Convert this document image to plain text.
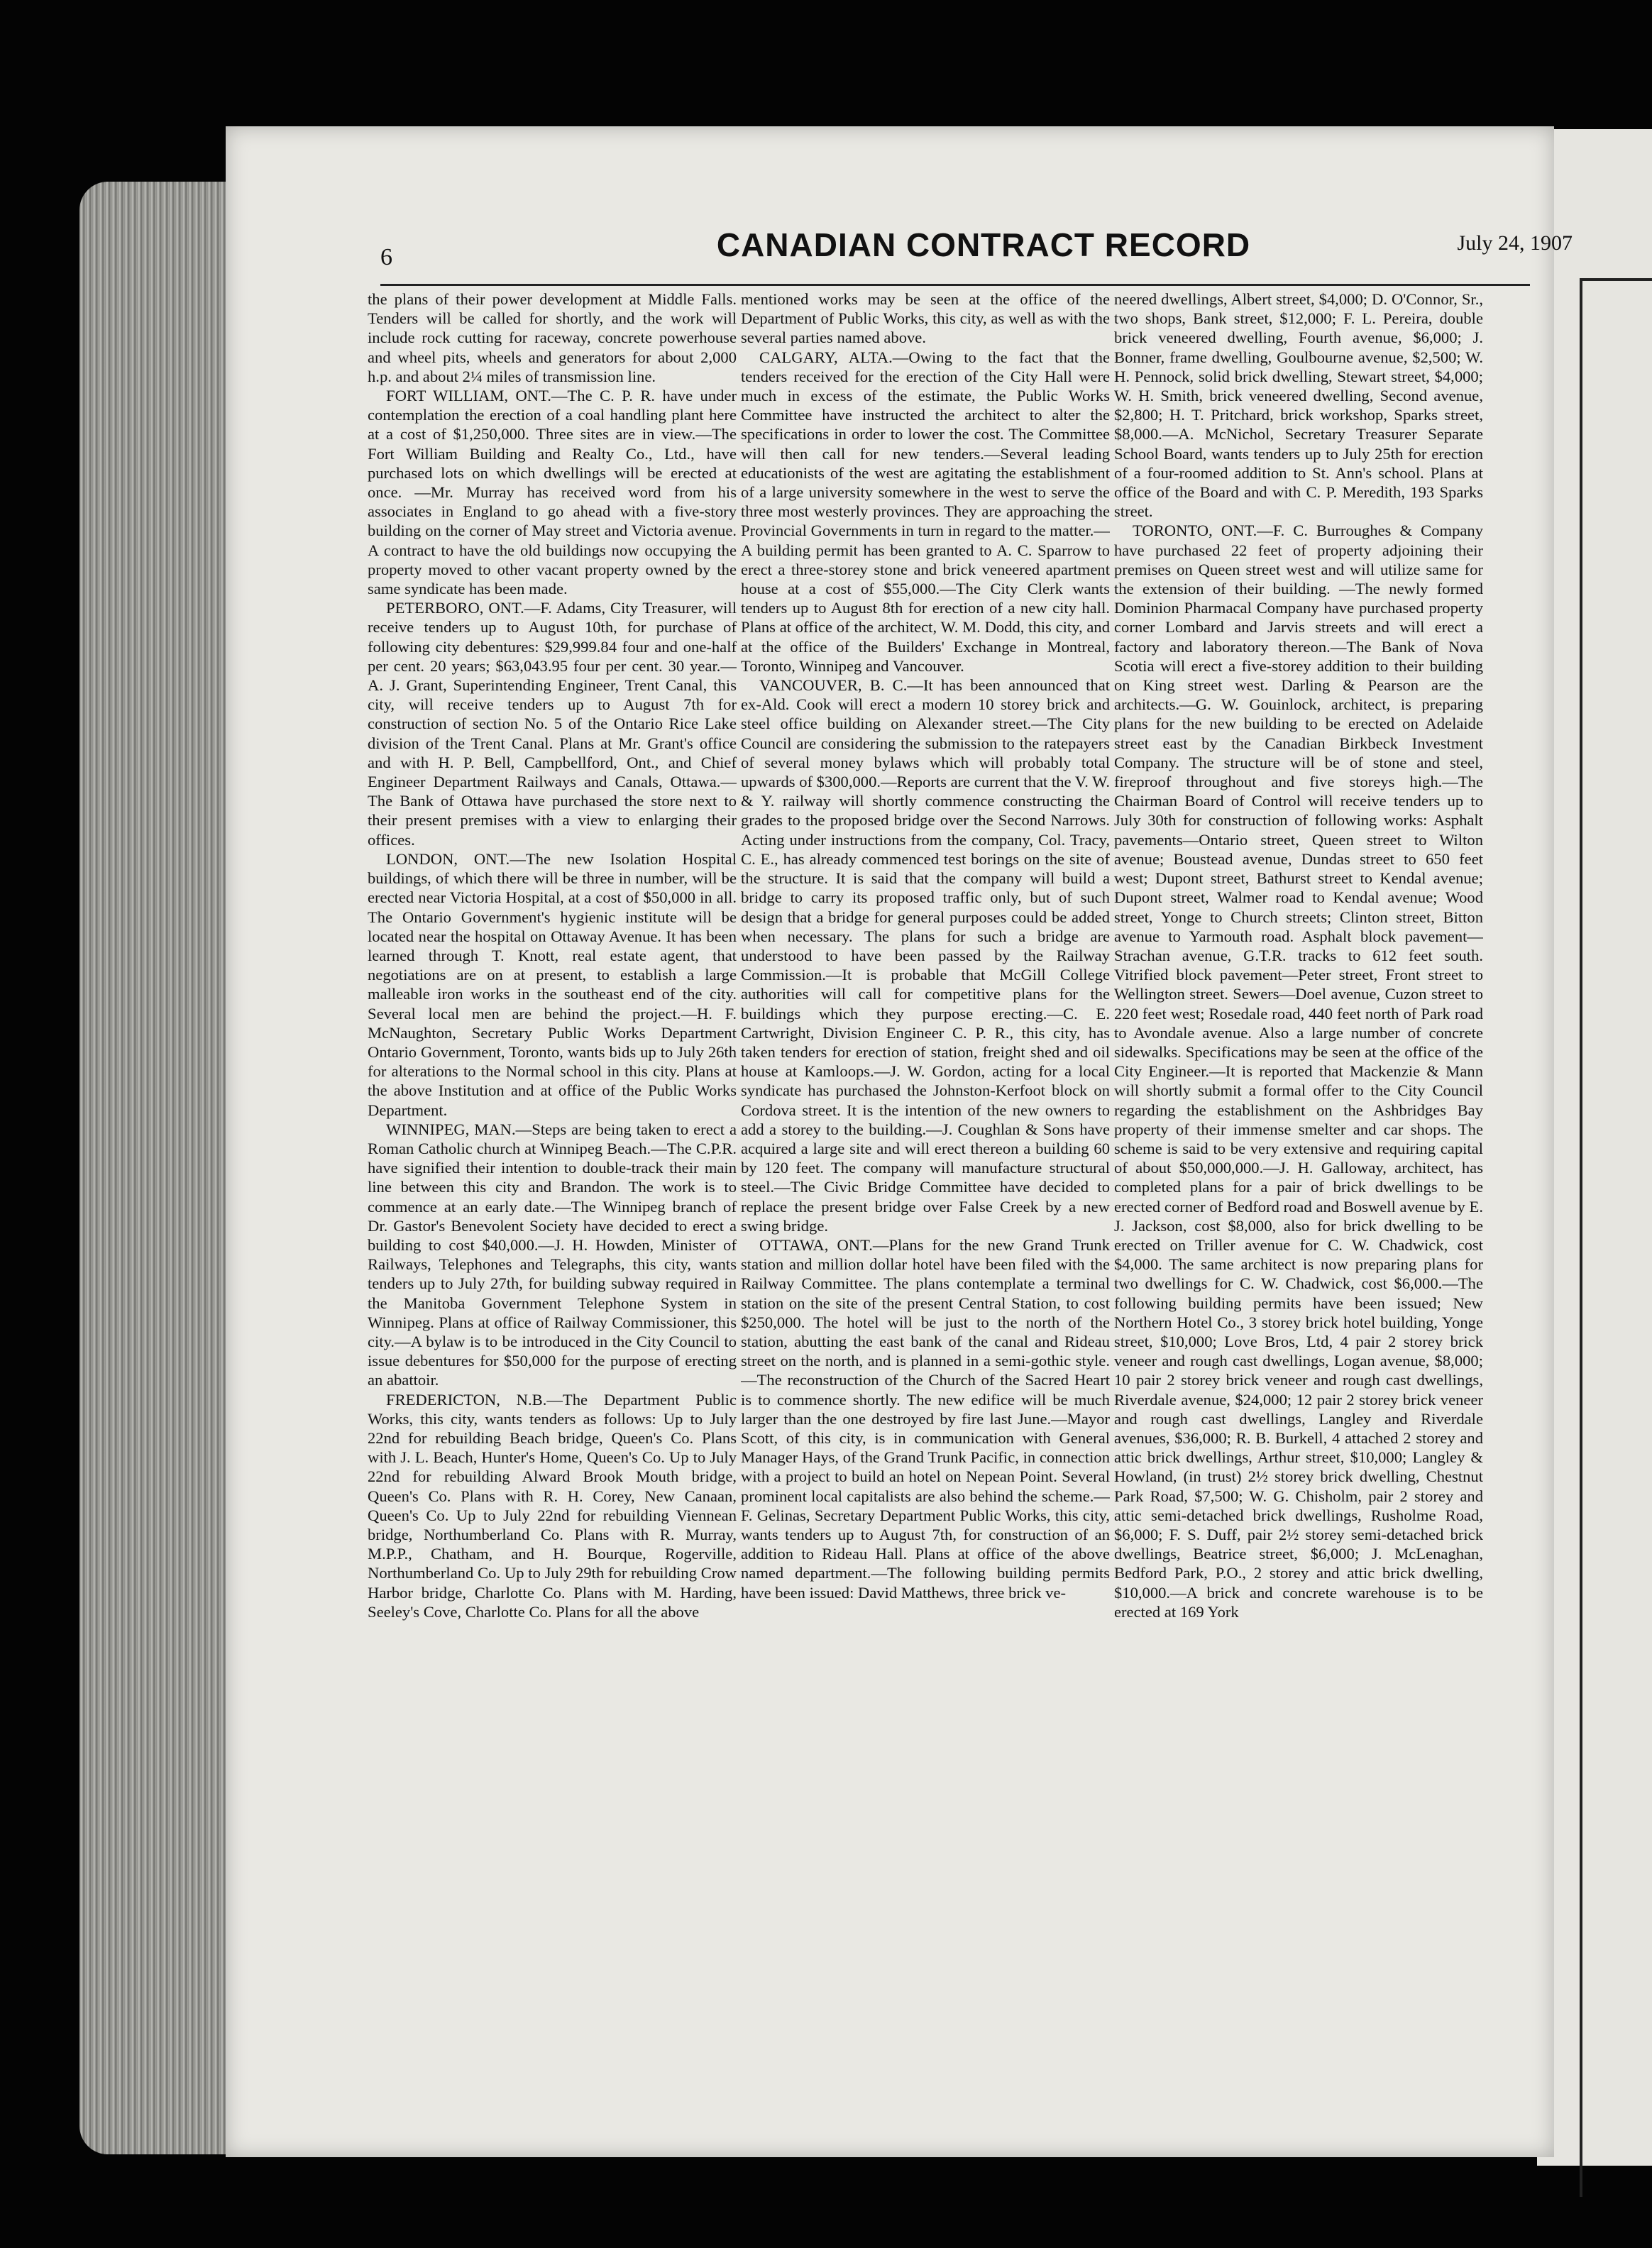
6	CANADIAN CONTRACT RECORD	July 24, 1907

the plans of their power development at Middle Falls. Tenders will be called for shortly, and the work will include rock cutting for raceway, concrete powerhouse and wheel pits, wheels and generators for about 2,000 h.p. and about 2¼ miles of transmission line.

FORT WILLIAM, ONT.—The C. P. R. have under contemplation the erection of a coal handling plant here at a cost of $1,250,000. Three sites are in view.—The Fort William Building and Realty Co., Ltd., have purchased lots on which dwellings will be erected at once. —Mr. Murray has received word from his associates in England to go ahead with a five-story building on the corner of May street and Victoria avenue. A contract to have the old buildings now occupying the property moved to other vacant property owned by the same syndicate has been made.

PETERBORO, ONT.—F. Adams, City Treasurer, will receive tenders up to August 10th, for purchase of following city debentures: $29,999.84 four and one-half per cent. 20 years; $63,043.95 four per cent. 30 year.—A. J. Grant, Superintending Engineer, Trent Canal, this city, will receive tenders up to August 7th for construction of section No. 5 of the Ontario Rice Lake division of the Trent Canal. Plans at Mr. Grant's office and with H. P. Bell, Campbellford, Ont., and Chief Engineer Department Railways and Canals, Ottawa.—The Bank of Ottawa have purchased the store next to their present premises with a view to enlarging their offices.

LONDON, ONT.—The new Isolation Hospital buildings, of which there will be three in number, will be erected near Victoria Hospital, at a cost of $50,000 in all. The Ontario Government's hygienic institute will be located near the hospital on Ottaway Avenue. It has been learned through T. Knott, real estate agent, that negotiations are on at present, to establish a large malleable iron works in the southeast end of the city. Several local men are behind the project.—H. F. McNaughton, Secretary Public Works Department Ontario Government, Toronto, wants bids up to July 26th for alterations to the Normal school in this city. Plans at the above Institution and at office of the Public Works Department.

WINNIPEG, MAN.—Steps are being taken to erect a Roman Catholic church at Winnipeg Beach.—The C.P.R. have signified their intention to double-track their main line between this city and Brandon. The work is to commence at an early date.—The Winnipeg branch of Dr. Gastor's Benevolent Society have decided to erect a building to cost $40,000.—J. H. Howden, Minister of Railways, Telephones and Telegraphs, this city, wants tenders up to July 27th, for building subway required in the Manitoba Government Telephone System in Winnipeg. Plans at office of Railway Commissioner, this city.—A bylaw is to be introduced in the City Council to issue debentures for $50,000 for the purpose of erecting an abattoir.

FREDERICTON, N.B.—The Department Public Works, this city, wants tenders as follows: Up to July 22nd for rebuilding Beach bridge, Queen's Co. Plans with J. L. Beach, Hunter's Home, Queen's Co. Up to July 22nd for rebuilding Alward Brook Mouth bridge, Queen's Co. Plans with R. H. Corey, New Canaan, Queen's Co. Up to July 22nd for rebuilding Viennean bridge, Northumberland Co. Plans with R. Murray, M.P.P., Chatham, and H. Bourque, Rogerville, Northumberland Co. Up to July 29th for rebuilding Crow Harbor bridge, Charlotte Co. Plans with M. Harding, Seeley's Cove, Charlotte Co. Plans for all the above

mentioned works may be seen at the office of the Department of Public Works, this city, as well as with the several parties named above.

CALGARY, ALTA.—Owing to the fact that the tenders received for the erection of the City Hall were much in excess of the estimate, the Public Works Committee have instructed the architect to alter the specifications in order to lower the cost. The Committee will then call for new tenders.—Several leading educationists of the west are agitating the establishment of a large university somewhere in the west to serve the three most westerly provinces. They are approaching the Provincial Governments in turn in regard to the matter.—A building permit has been granted to A. C. Sparrow to erect a three-storey stone and brick veneered apartment house at a cost of $55,000.—The City Clerk wants tenders up to August 8th for erection of a new city hall. Plans at office of the architect, W. M. Dodd, this city, and at the office of the Builders' Exchange in Montreal, Toronto, Winnipeg and Vancouver.

VANCOUVER, B. C.—It has been announced that ex-Ald. Cook will erect a modern 10 storey brick and steel office building on Alexander street.—The City Council are considering the submission to the ratepayers of several money bylaws which will probably total upwards of $300,000.—Reports are current that the V. W. & Y. railway will shortly commence constructing the grades to the proposed bridge over the Second Narrows. Acting under instructions from the company, Col. Tracy, C. E., has already commenced test borings on the site of the structure. It is said that the company will build a bridge to carry its proposed traffic only, but of such design that a bridge for general purposes could be added when necessary. The plans for such a bridge are understood to have been passed by the Railway Commission.—It is probable that McGill College authorities will call for competitive plans for the buildings which they purpose erecting.—C. E. Cartwright, Division Engineer C. P. R., this city, has taken tenders for erection of station, freight shed and oil house at Kamloops.—J. W. Gordon, acting for a local syndicate has purchased the Johnston-Kerfoot block on Cordova street. It is the intention of the new owners to add a storey to the building.—J. Coughlan & Sons have acquired a large site and will erect thereon a building 60 by 120 feet. The company will manufacture structural steel.—The Civic Bridge Committee have decided to replace the present bridge over False Creek by a new swing bridge.

OTTAWA, ONT.—Plans for the new Grand Trunk station and million dollar hotel have been filed with the Railway Committee. The plans contemplate a terminal station on the site of the present Central Station, to cost $250,000. The hotel will be just to the north of the station, abutting the east bank of the canal and Rideau street on the north, and is planned in a semi-gothic style.—The reconstruction of the Church of the Sacred Heart is to commence shortly. The new edifice will be much larger than the one destroyed by fire last June.—Mayor Scott, of this city, is in communication with General Manager Hays, of the Grand Trunk Pacific, in connection with a project to build an hotel on Nepean Point. Several prominent local capitalists are also behind the scheme.—F. Gelinas, Secretary Department Public Works, this city, wants tenders up to August 7th, for construction of an addition to Rideau Hall. Plans at office of the above named department.—The following building permits have been issued: David Matthews, three brick ve-

neered dwellings, Albert street, $4,000; D. O'Connor, Sr., two shops, Bank street, $12,000; F. L. Pereira, double brick veneered dwelling, Fourth avenue, $6,000; J. Bonner, frame dwelling, Goulbourne avenue, $2,500; W. H. Pennock, solid brick dwelling, Stewart street, $4,000; W. H. Smith, brick veneered dwelling, Second avenue, $2,800; H. T. Pritchard, brick workshop, Sparks street, $8,000.—A. McNichol, Secretary Treasurer Separate School Board, wants tenders up to July 25th for erection of a four-roomed addition to St. Ann's school. Plans at office of the Board and with C. P. Meredith, 193 Sparks street.

TORONTO, ONT.—F. C. Burroughes & Company have purchased 22 feet of property adjoining their premises on Queen street west and will utilize same for the extension of their building. —The newly formed Dominion Pharmacal Company have purchased property corner Lombard and Jarvis streets and will erect a factory and laboratory thereon.—The Bank of Nova Scotia will erect a five-storey addition to their building on King street west. Darling & Pearson are the architects.—G. W. Gouinlock, architect, is preparing plans for the new building to be erected on Adelaide street east by the Canadian Birkbeck Investment Company. The structure will be of stone and steel, fireproof throughout and five storeys high.—The Chairman Board of Control will receive tenders up to July 30th for construction of following works: Asphalt pavements—Ontario street, Queen street to Wilton avenue; Boustead avenue, Dundas street to 650 feet west; Dupont street, Bathurst street to Kendal avenue; Dupont street, Walmer road to Kendal avenue; Wood street, Yonge to Church streets; Clinton street, Bitton avenue to Yarmouth road. Asphalt block pavement—Strachan avenue, G.T.R. tracks to 612 feet south. Vitrified block pavement—Peter street, Front street to Wellington street. Sewers—Doel avenue, Cuzon street to 220 feet west; Rosedale road, 440 feet north of Park road to Avondale avenue. Also a large number of concrete sidewalks. Specifications may be seen at the office of the City Engineer.—It is reported that Mackenzie & Mann will shortly submit a formal offer to the City Council regarding the establishment on the Ashbridges Bay property of their immense smelter and car shops. The scheme is said to be very extensive and requiring capital of about $50,000,000.—J. H. Galloway, architect, has completed plans for a pair of brick dwellings to be erected corner of Bedford road and Boswell avenue by E. J. Jackson, cost $8,000, also for brick dwelling to be erected on Triller avenue for C. W. Chadwick, cost $4,000. The same architect is now preparing plans for two dwellings for C. W. Chadwick, cost $6,000.—The following building permits have been issued; New Northern Hotel Co., 3 storey brick hotel building, Yonge street, $10,000; Love Bros, Ltd, 4 pair 2 storey brick veneer and rough cast dwellings, Logan avenue, $8,000; 10 pair 2 storey brick veneer and rough cast dwellings, Riverdale avenue, $24,000; 12 pair 2 storey brick veneer and rough cast dwellings, Langley and Riverdale avenues, $36,000; R. B. Burkell, 4 attached 2 storey and attic brick dwellings, Arthur street, $10,000; Langley & Howland, (in trust) 2½ storey brick dwelling, Chestnut Park Road, $7,500; W. G. Chisholm, pair 2 storey and attic semi-detached brick dwellings, Rusholme Road, $6,000; F. S. Duff, pair 2½ storey semi-detached brick dwellings, Beatrice street, $6,000; J. McLenaghan, Bedford Park, P.O., 2 storey and attic brick dwelling, $10,000.—A brick and concrete warehouse is to be erected at 169 York
